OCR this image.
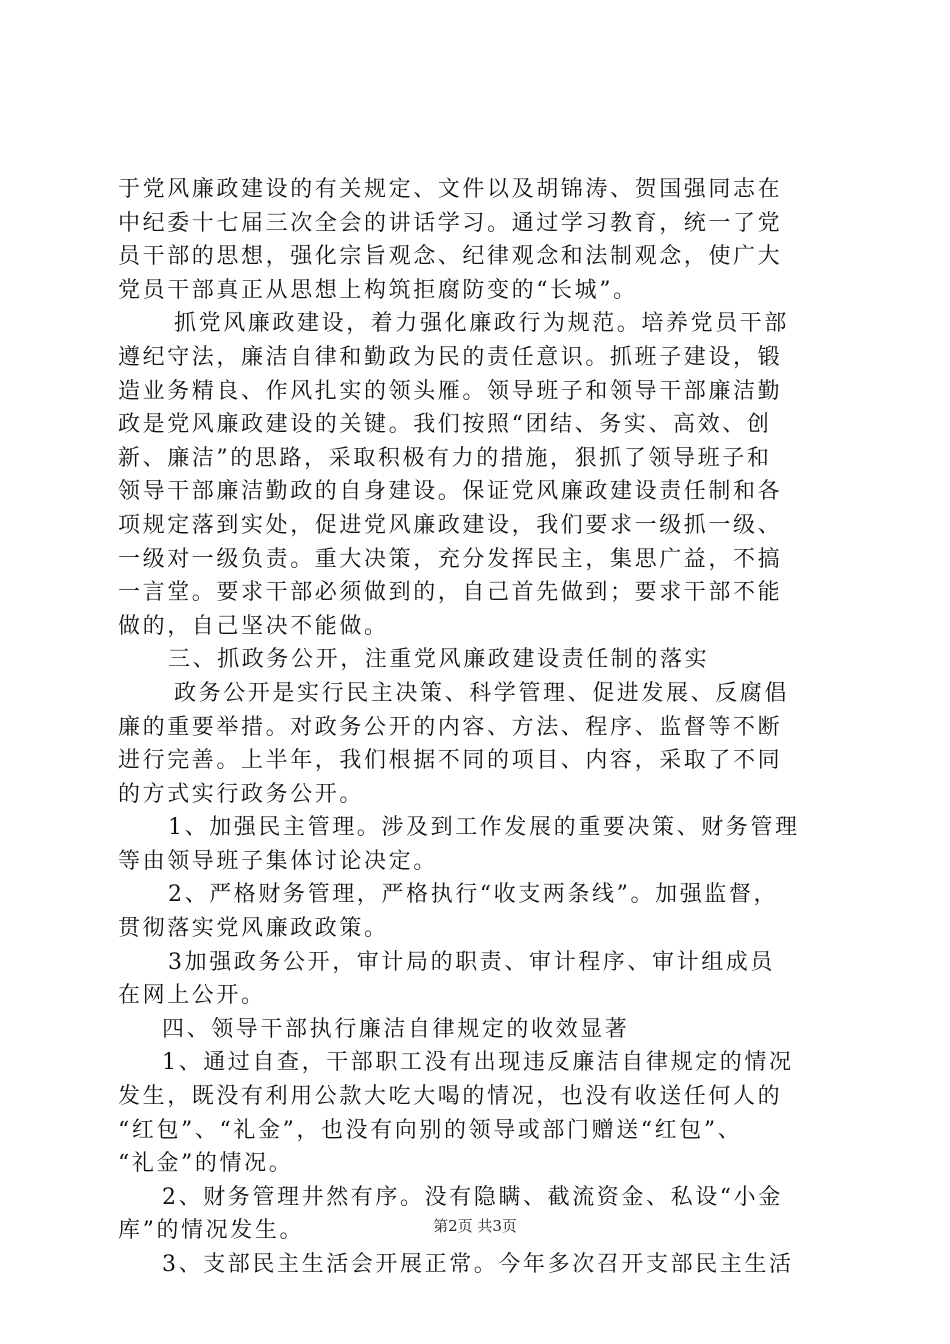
于党风廉政建设的有关规定、文件以及胡锦涛、贺国强同志在
中纪委十七届三次全会的讲话学习。通过学习教育，统一了党
员干部的思想，强化宗旨观念、纪律观念和法制观念，使广大
党员干部真正从思想上构筑拒腐防变的“长城”。
抓党风廉政建设，着力强化廉政行为规范。培养党员干部
遵纪守法，廉洁自律和勤政为民的责任意识。抓班子建设，锻
造业务精良、作风扎实的领头雁。领导班子和领导干部廉洁勤
政是党风廉政建设的关键。我们按照“团结、务实、高效、创
新、廉洁”的思路，采取积极有力的措施，狠抓了领导班子和
领导干部廉洁勤政的自身建设。保证党风廉政建设责任制和各
项规定落到实处，促进党风廉政建设，我们要求一级抓一级、
一级对一级负责。重大决策，充分发挥民主，集思广益，不搞
一言堂。要求干部必须做到的，自己首先做到；要求干部不能
做的，自己坚决不能做。
三、抓政务公开，注重党风廉政建设责任制的落实
政务公开是实行民主决策、科学管理、促进发展、反腐倡
廉的重要举措。对政务公开的内容、方法、程序、监督等不断
进行完善。上半年，我们根据不同的项目、内容，采取了不同
的方式实行政务公开。
1、加强民主管理。涉及到工作发展的重要决策、财务管理
等由领导班子集体讨论决定。
2、严格财务管理，严格执行“收支两条线”。加强监督，
贯彻落实党风廉政政策。
3加强政务公开，审计局的职责、审计程序、审计组成员
在网上公开。
四、领导干部执行廉洁自律规定的收效显著
1、通过自查，干部职工没有出现违反廉洁自律规定的情况
发生，既没有利用公款大吃大喝的情况，也没有收送任何人的
“红包”、“礼金”，也没有向别的领导或部门赠送“红包”、
“礼金”的情况。
2、财务管理井然有序。没有隐瞒、截流资金、私设“小金
库”的情况发生。
3、支部民主生活会开展正常。今年多次召开支部民主生活
第2页 共3页
